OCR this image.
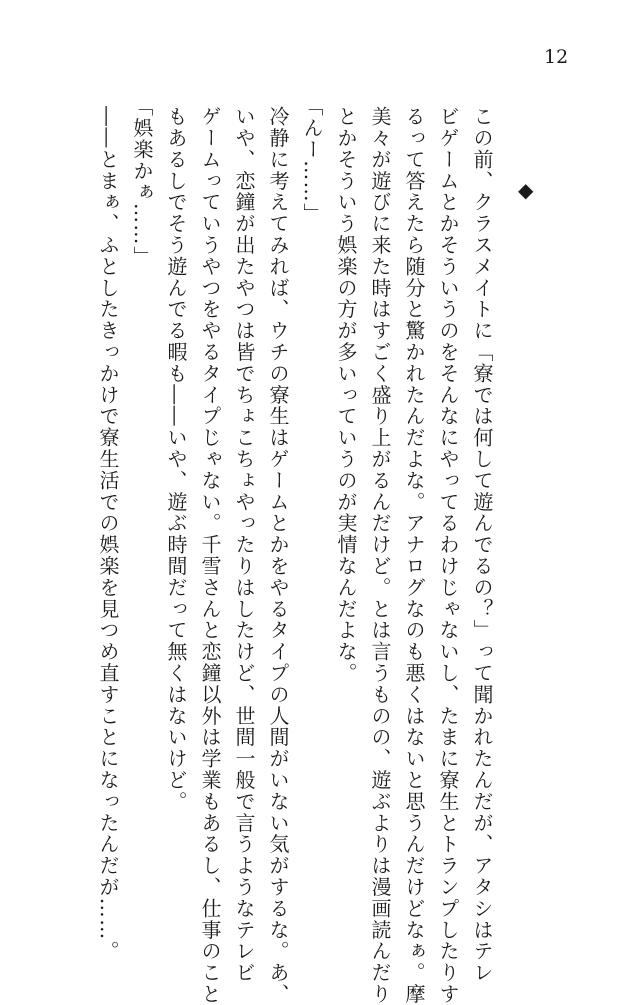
12
◆
この前、クラスメイトに「寮では何して遊んでるの？」って聞かれたんだが、アタシはテレ
ビゲームとかそういうのをそんなにやってるわけじゃないし、たまに寮生とトランプしたりす
るって答えたら随分と驚かれたんだよな。アナログなのも悪くはないと思うんだけどなぁ。摩
美々が遊びに来た時はすごく盛り上がるんだけど。とは言うものの、遊ぶよりは漫画読んだり
とかそういう娯楽の方が多いっていうのが実情なんだよな。
「んー……」
冷静に考えてみれば、ウチの寮生はゲームとかをやるタイプの人間がいない気がするな。あ、
いや、恋鐘が出たやつは皆でちょこちょやったりはしたけど、世間一般で言うようなテレビ
ゲームっていうやつをやるタイプじゃない。千雪さんと恋鐘以外は学業もあるし、仕事のこと
もあるしでそう遊んでる暇も――いや、遊ぶ時間だって無くはないけど。
「娯楽かぁ……」
――とまぁ、ふとしたきっかけで寮生活での娯楽を見つめ直すことになったんだが……。
